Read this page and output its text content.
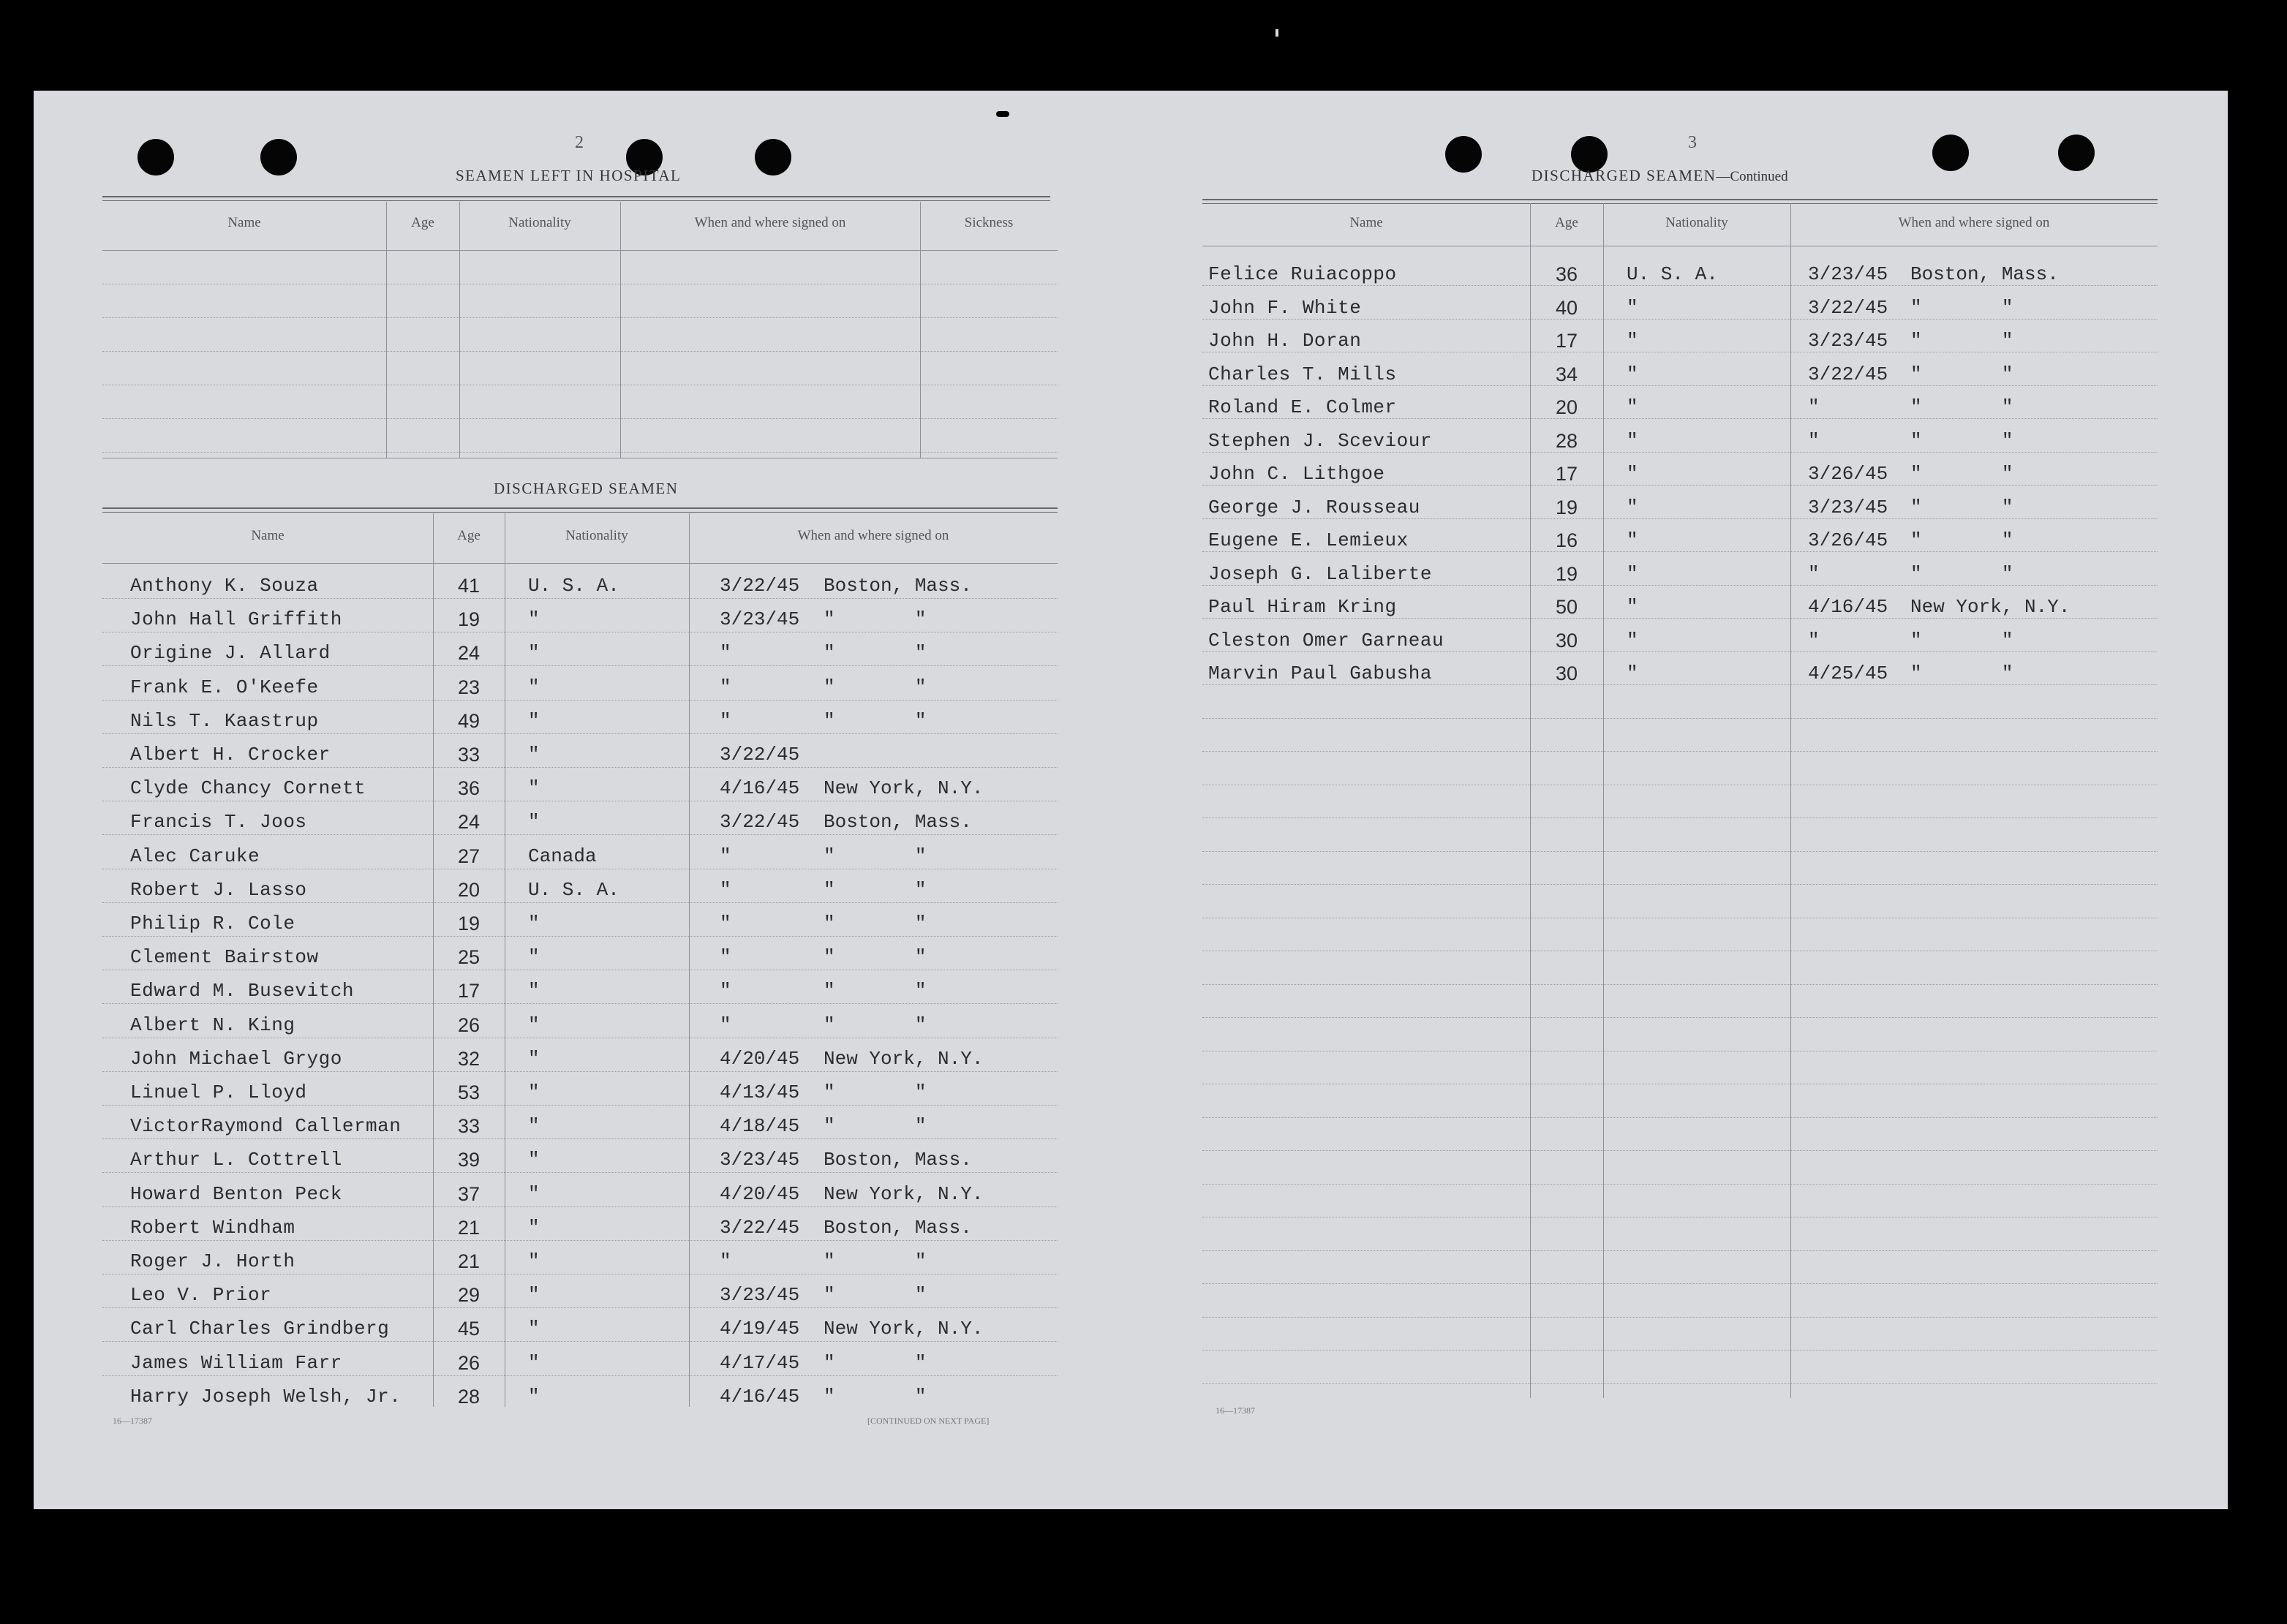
2
SEAMEN LEFT IN HOSPITAL
Name	Age	Nationality	When and where signed on	Sickness
DISCHARGED SEAMEN
Name	Age	Nationality	When and where signed on
Anthony K. Souza	41	U. S. A.	3/22/45 Boston, Mass.
John Hall Griffith	19	"	3/23/45 "       "
Origine J. Allard	24	"	"	"       "
Frank E. O'Keefe	23	"	"	"       "
Nils T. Kaastrup	49	"	"	"       "
Albert H. Crocker	33	"	3/22/45
Clyde Chancy Cornett	36	"	4/16/45 New York, N.Y.
Francis T. Joos	24	"	3/22/45 Boston, Mass.
Alec Caruke	27	Canada	"	"       "
Robert J. Lasso	20	U. S. A.	"	"       "
Philip R. Cole	19	"	"	"       "
Clement Bairstow	25	"	"	"       "
Edward M. Busevitch	17	"	"	"       "
Albert N. King	26	"	"	"       "
John Michael Grygo	32	"	4/20/45 New York, N.Y.
Linuel P. Lloyd	53	"	4/13/45 "       "
VictorRaymond Callerman	33	"	4/18/45 "       "
Arthur L. Cottrell	39	"	3/23/45 Boston, Mass.
Howard Benton Peck	37	"	4/20/45 New York, N.Y.
Robert Windham	21	"	3/22/45 Boston, Mass.
Roger J. Horth	21	"	"	"       "
Leo V. Prior	29	"	3/23/45 "       "
Carl Charles Grindberg	45	"	4/19/45 New York, N.Y.
James William Farr	26	"	4/17/45 "       "
Harry Joseph Welsh, Jr.	28	"	4/16/45 "       "
16—17387	[CONTINUED ON NEXT PAGE]
3
DISCHARGED SEAMEN—Continued
Name	Age	Nationality	When and where signed on
Felice Ruiacoppo	36	U. S. A.	3/23/45 Boston, Mass.
John F. White	40	"	3/22/45 "       "
John H. Doran	17	"	3/23/45 "       "
Charles T. Mills	34	"	3/22/45 "       "
Roland E. Colmer	20	"	"	"       "
Stephen J. Sceviour	28	"	"	"       "
John C. Lithgoe	17	"	3/26/45 "       "
George J. Rousseau	19	"	3/23/45 "       "
Eugene E. Lemieux	16	"	3/26/45 "       "
Joseph G. Laliberte	19	"	"	"       "
Paul Hiram Kring	50	"	4/16/45 New York, N.Y.
Cleston Omer Garneau	30	"	"	"       "
Marvin Paul Gabusha	30	"	4/25/45 "       "
16—17387
